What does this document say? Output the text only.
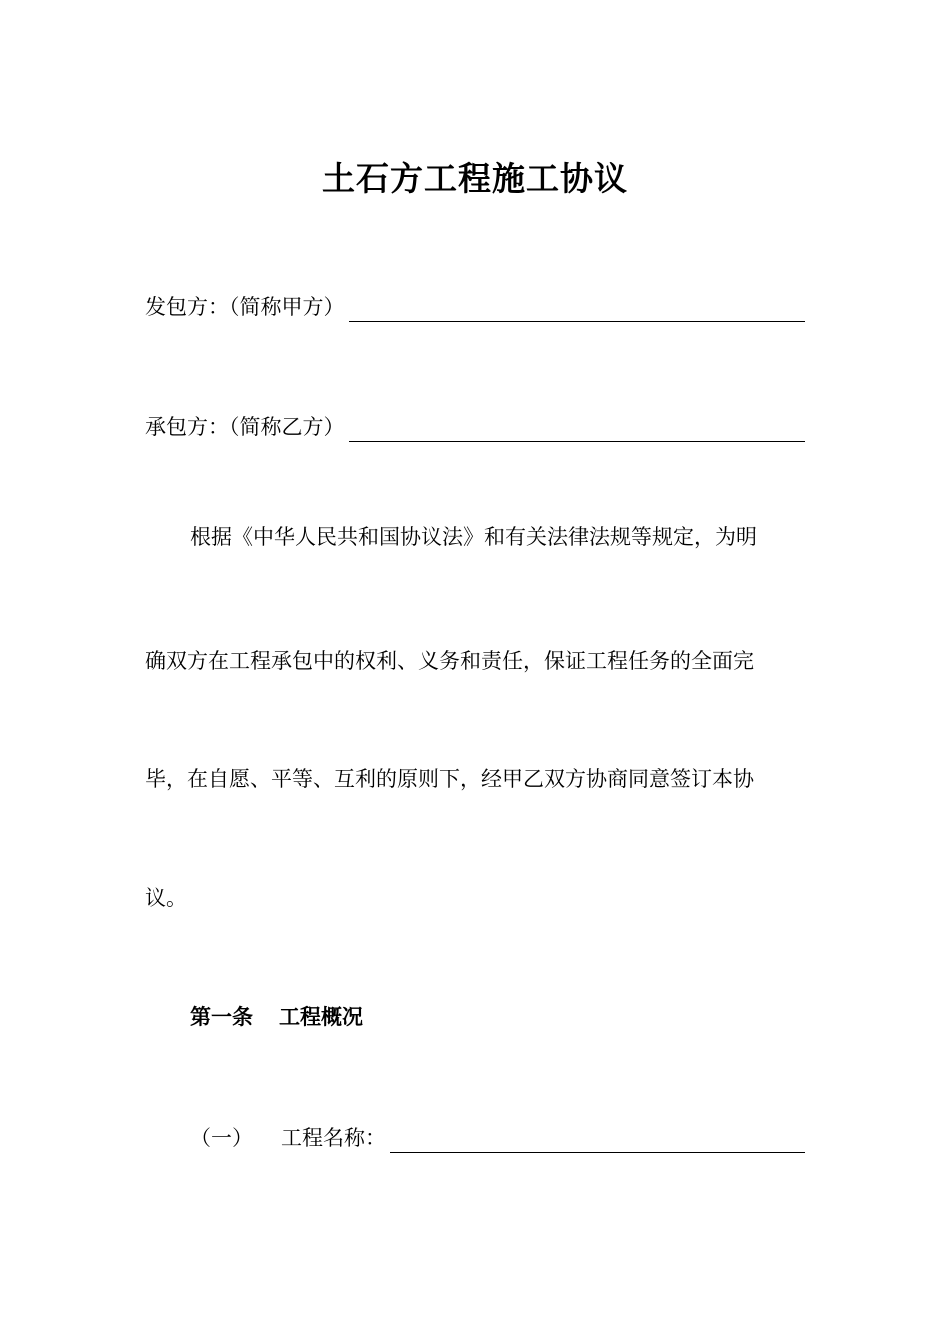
土石方工程施工协议
发包方：（简称甲方）
承包方：（简称乙方）
根据《中华人民共和国协议法》和有关法律法规等规定，为明
确双方在工程承包中的权利、义务和责任，保证工程任务的全面完
毕，在自愿、平等、互利的原则下，经甲乙双方协商同意签订本协
议。
第一条 工程概况
（一） 工程名称：
